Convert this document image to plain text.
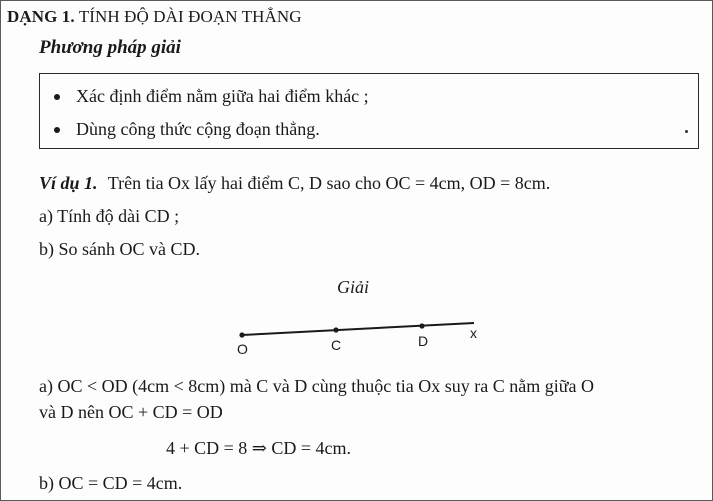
DẠNG 1. TÍNH ĐỘ DÀI ĐOẠN THẲNG
Phương pháp giải
Xác định điểm nằm giữa hai điểm khác ;
Dùng công thức cộng đoạn thẳng.
Ví dụ 1. Trên tia Ox lấy hai điểm C, D sao cho OC = 4cm, OD = 8cm.
a) Tính độ dài CD ;
b) So sánh OC và CD.
Giải
O	C	D	x
a) OC < OD (4cm < 8cm) mà C và D cùng thuộc tia Ox suy ra C nằm giữa O
và D nên OC + CD = OD
4 + CD = 8 ⇒ CD = 4cm.
b) OC = CD = 4cm.
